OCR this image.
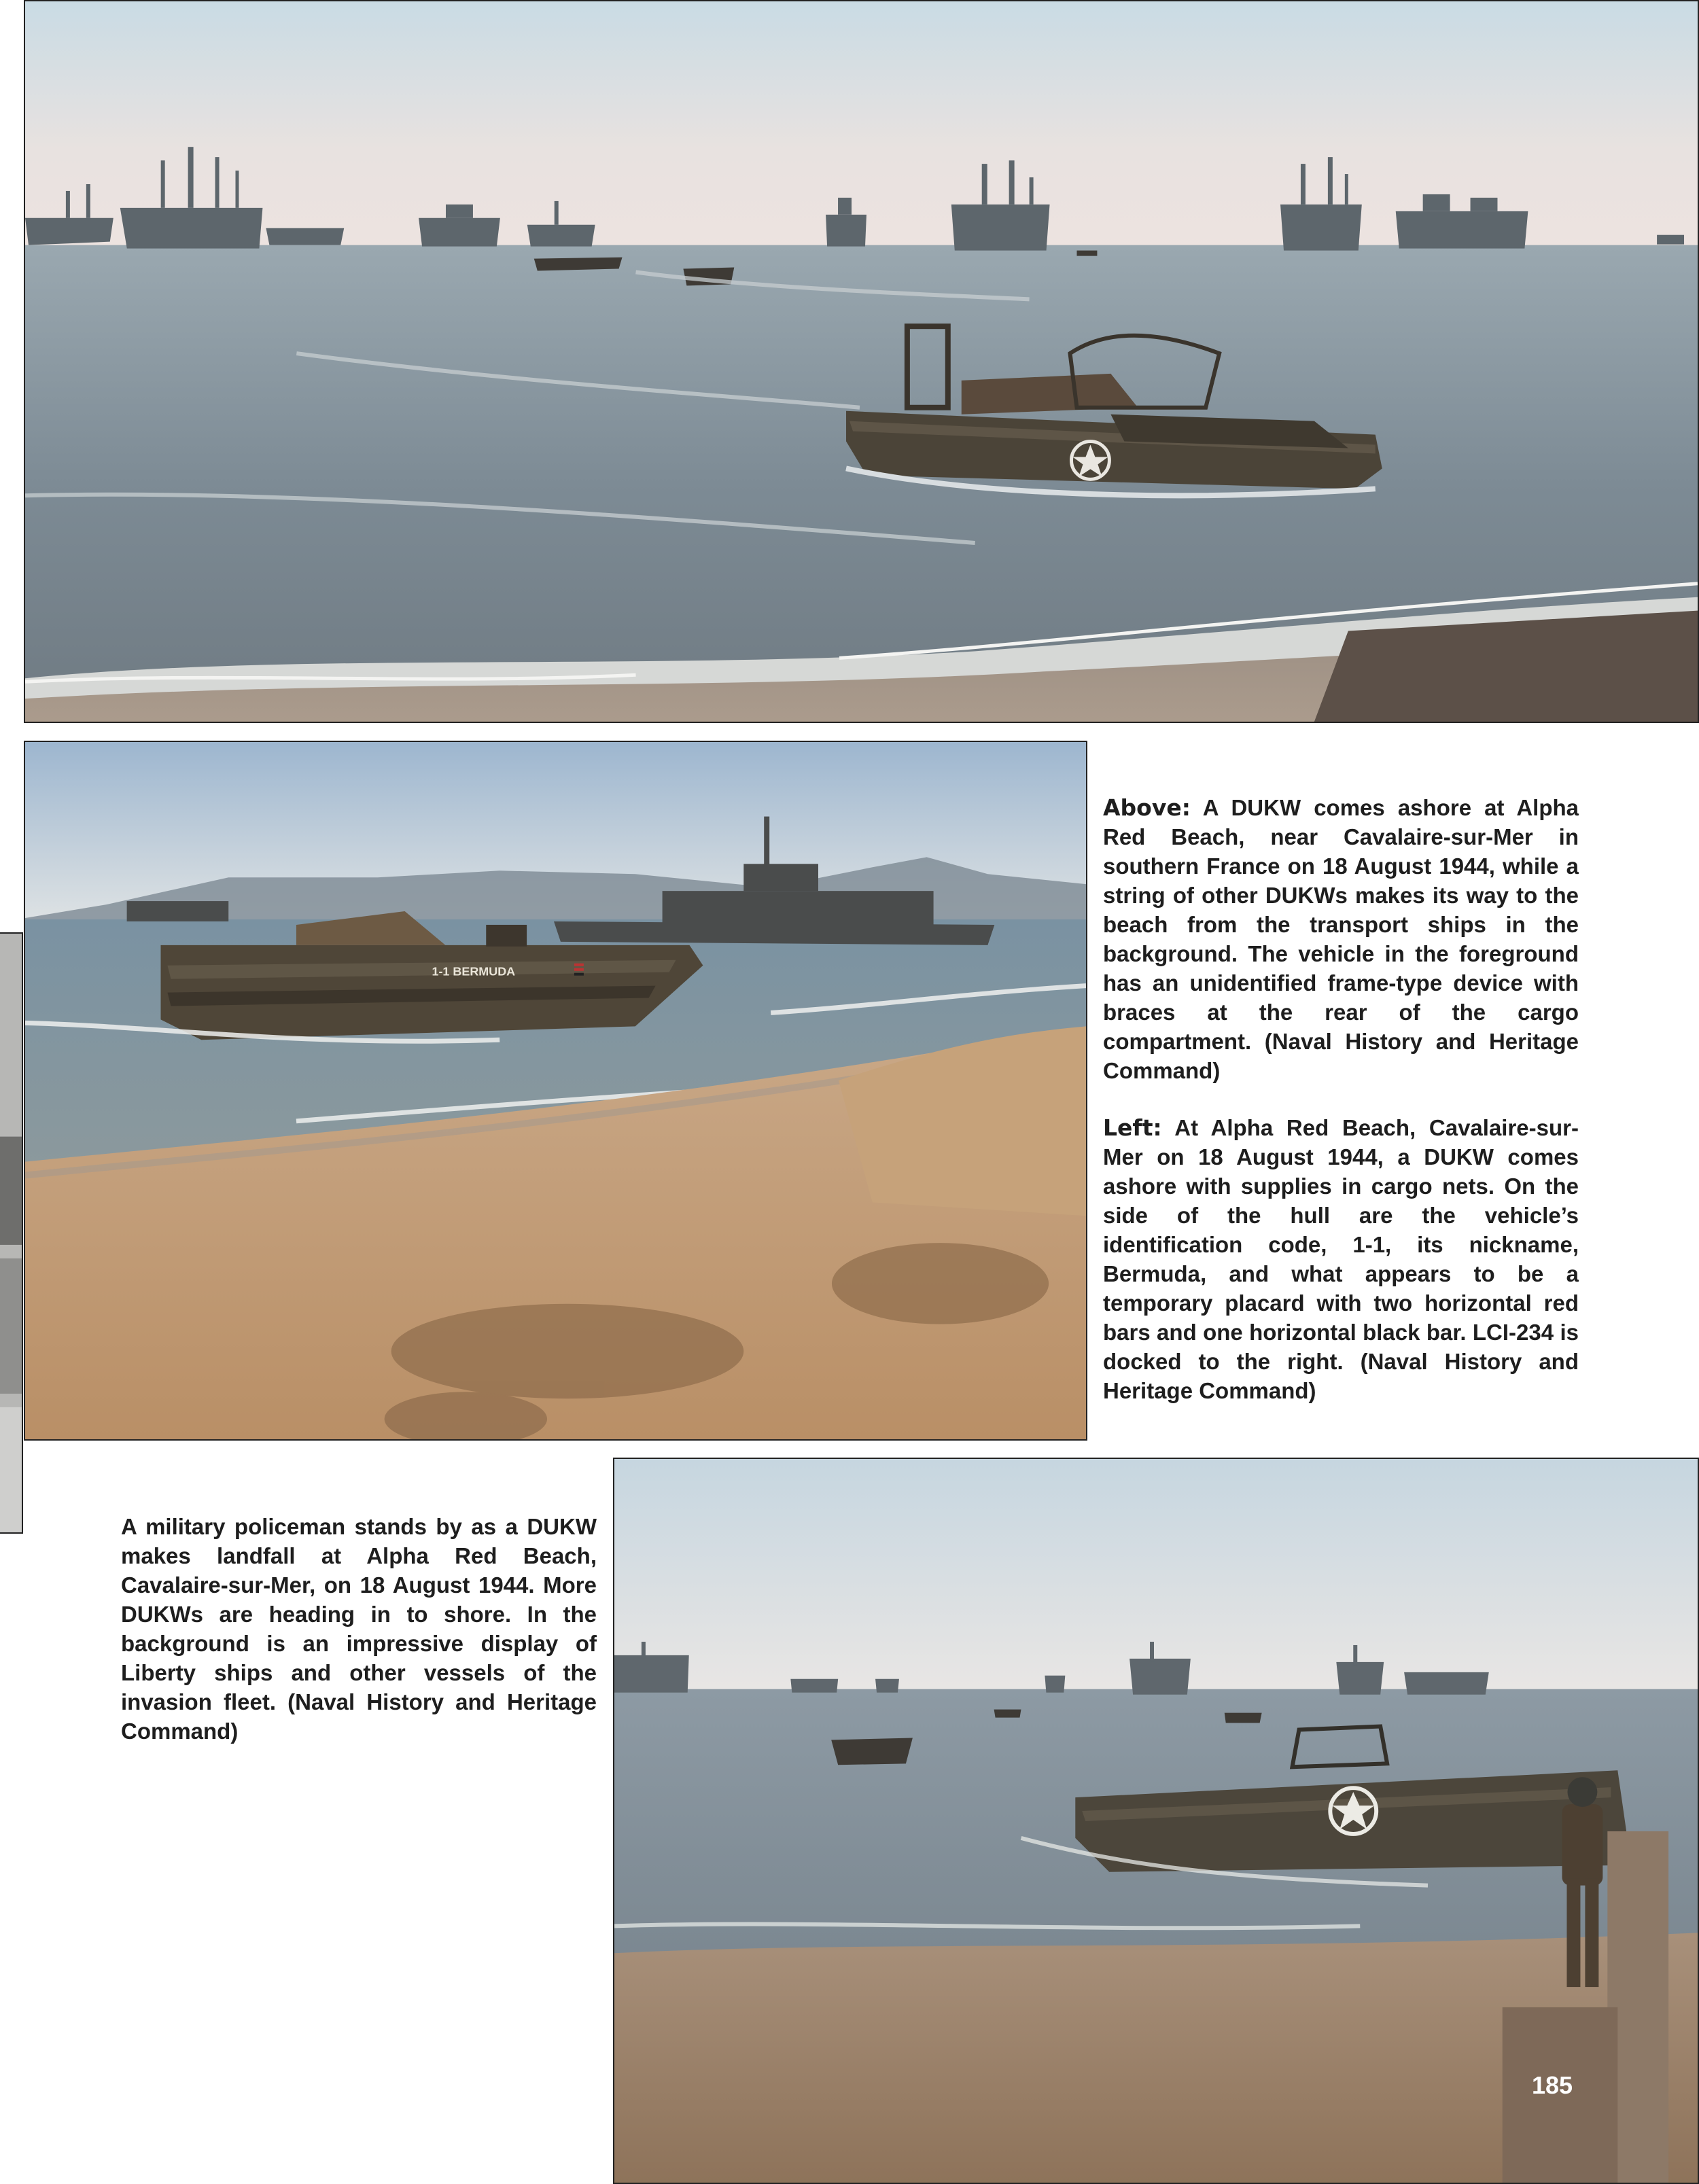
1-1 BERMUDA

Above: A DUKW comes ashore at Alpha Red Beach, near Cavalaire-sur-Mer in southern France on 18 August 1944, while a string of other DUKWs makes its way to the beach from the transport ships in the background. The vehicle in the foreground has an unidentified frame-type device with braces at the rear of the cargo compartment. (Naval History and Heritage Command)

Left: At Alpha Red Beach, Cavalaire-sur-Mer on 18 August 1944, a DUKW comes ashore with supplies in cargo nets. On the side of the hull are the vehicle’s identification code, 1-1, its nickname, Bermuda, and what appears to be a temporary placard with two horizontal red bars and one horizontal black bar. LCI-234 is docked to the right. (Naval History and Heritage Command)

A military policeman stands by as a DUKW makes landfall at Alpha Red Beach, Cavalaire-sur-Mer, on 18 August 1944. More DUKWs are heading in to shore. In the background is an impressive display of Liberty ships and other vessels of the invasion fleet. (Naval History and Heritage Command)

185
